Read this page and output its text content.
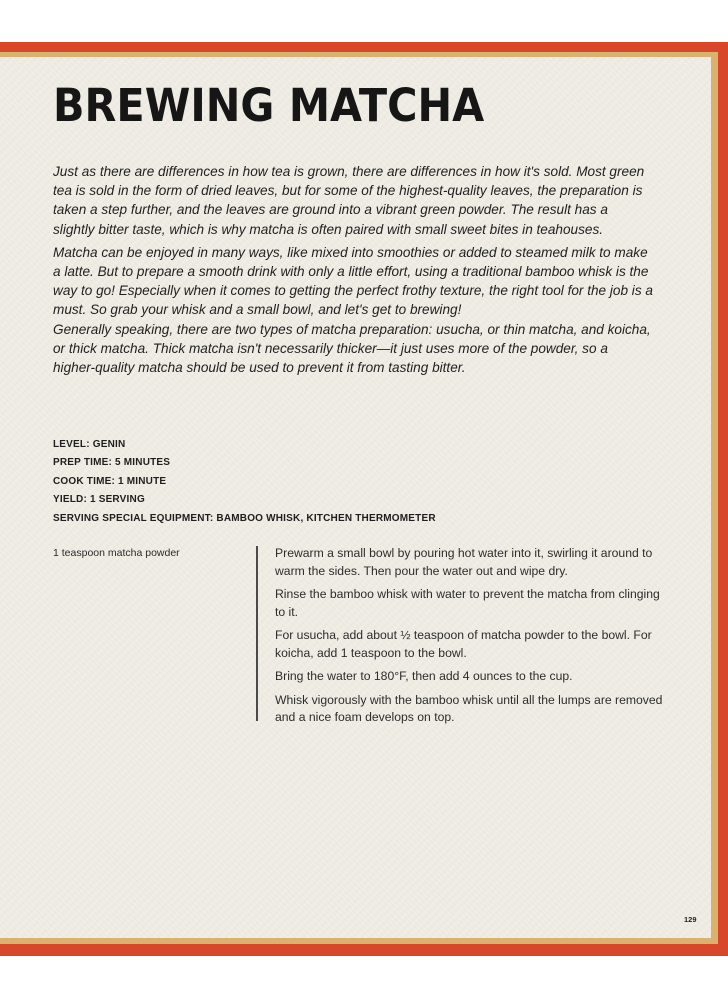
BREWING MATCHA

Just as there are differences in how tea is grown, there are differences in how it's sold. Most green tea is sold in the form of dried leaves, but for some of the highest-quality leaves, the preparation is taken a step further, and the leaves are ground into a vibrant green powder. The result has a slightly bitter taste, which is why matcha is often paired with small sweet bites in teahouses.

Matcha can be enjoyed in many ways, like mixed into smoothies or added to steamed milk to make a latte. But to prepare a smooth drink with only a little effort, using a traditional bamboo whisk is the way to go! Especially when it comes to getting the perfect frothy texture, the right tool for the job is a must. So grab your whisk and a small bowl, and let's get to brewing!

Generally speaking, there are two types of matcha preparation: usucha, or thin matcha, and koicha, or thick matcha. Thick matcha isn't necessarily thicker—it just uses more of the powder, so a higher-quality matcha should be used to prevent it from tasting bitter.

LEVEL: GENIN
PREP TIME: 5 MINUTES
COOK TIME: 1 MINUTE
YIELD: 1 SERVING
SERVING SPECIAL EQUIPMENT: BAMBOO WHISK, KITCHEN THERMOMETER
1 teaspoon matcha powder	Prewarm a small bowl by pouring hot water into it, swirling it around to warm the sides. Then pour the water out and wipe dry.

Rinse the bamboo whisk with water to prevent the matcha from clinging to it.

For usucha, add about ½ teaspoon of matcha powder to the bowl. For koicha, add 1 teaspoon to the bowl.

Bring the water to 180°F, then add 4 ounces to the cup.

Whisk vigorously with the bamboo whisk until all the lumps are removed and a nice foam develops on top.

129
